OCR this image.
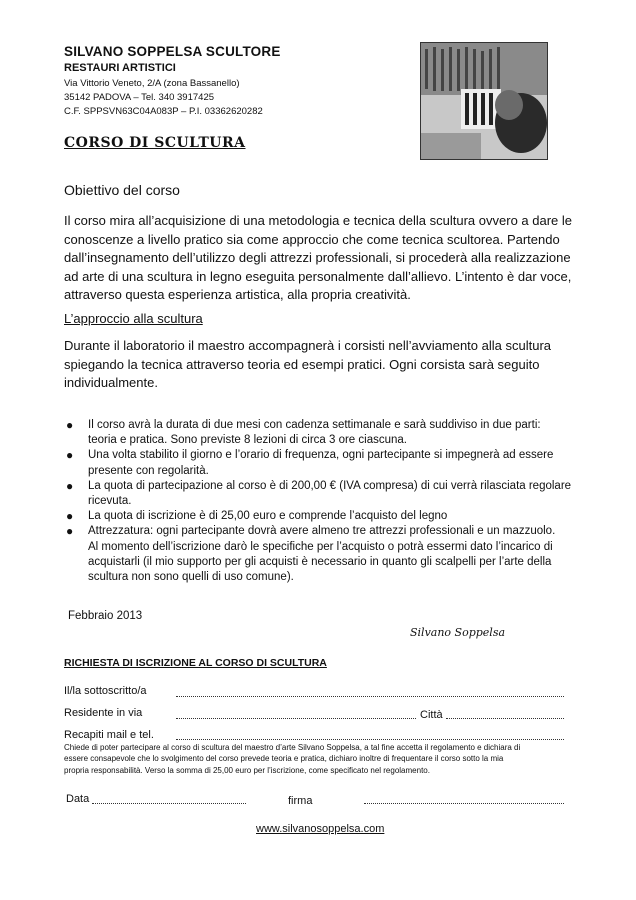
SILVANO SOPPELSA SCULTORE
RESTAURI ARTISTICI
Via Vittorio Veneto, 2/A (zona Bassanello)
35142 PADOVA – Tel. 340 3917425
C.F. SPPSVN63C04A083P – P.I. 03362620282
CORSO DI SCULTURA
Obiettivo del corso
Il corso mira all’acquisizione di una metodologia e tecnica della scultura ovvero a dare le
conoscenze a livello pratico sia come approccio che come tecnica scultorea. Partendo
dall’insegnamento dell’utilizzo degli attrezzi professionali, si procederà alla realizzazione
ad arte di una scultura in legno eseguita personalmente dall’allievo. L’intento è dar voce,
attraverso questa esperienza artistica, alla propria creatività.
L’approccio alla scultura
Durante il laboratorio il maestro accompagnerà i corsisti nell’avviamento alla scultura
spiegando la tecnica attraverso teoria ed esempi pratici. Ogni corsista sarà seguito
individualmente.
● Il corso avrà la durata di due mesi con cadenza settimanale e sarà suddiviso in due parti:
teoria e pratica. Sono previste 8 lezioni di circa 3 ore ciascuna.
● Una volta stabilito il giorno e l’orario di frequenza, ogni partecipante si impegnerà ad essere
presente con regolarità.
● La quota di partecipazione al corso è di 200,00 € (IVA compresa) di cui verrà rilasciata regolare
ricevuta.
● La quota di iscrizione è di 25,00 euro e comprende l’acquisto del legno
● Attrezzatura: ogni partecipante dovrà avere almeno tre attrezzi professionali e un mazzuolo.
Al momento dell’iscrizione darò le specifiche per l’acquisto o potrà essermi dato l’incarico di
acquistarli (il mio supporto per gli acquisti è necessario in quanto gli scalpelli per l’arte della
scultura non sono quelli di uso comune).
Febbraio 2013
Silvano Soppelsa
RICHIESTA DI ISCRIZIONE AL CORSO DI SCULTURA
Il/la sottoscritto/a
Residente in via	Città
Recapiti mail e tel.
Chiede di poter partecipare al corso di scultura del maestro d’arte Silvano Soppelsa, a tal fine accetta il regolamento e dichiara di
essere consapevole che lo svolgimento del corso prevede teoria e pratica, dichiaro inoltre di frequentare il corso sotto la mia
propria responsabilità. Verso la somma di 25,00 euro per l’iscrizione, come specificato nel regolamento.
Data	firma
www.silvanosoppelsa.com
